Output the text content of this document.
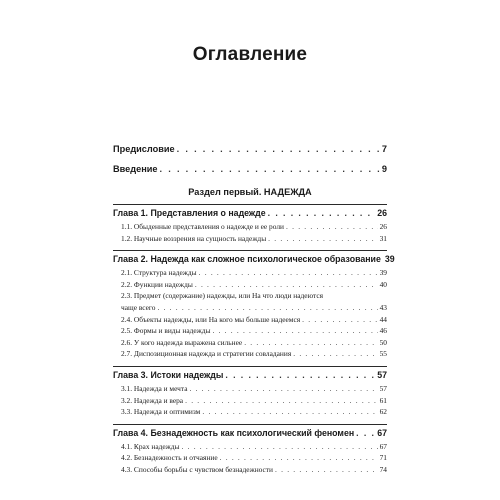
Оглавление
Предисловие . . .	7
Введение . . .	9
Раздел первый. НАДЕЖДА
Глава 1. Представления о надежде . . .	26
1.1. Обыденные представления о надежде и ее роли . . .	26
1.2. Научные воззрения на сущность надежды . . .	31
Глава 2. Надежда как сложное психологическое образование 39
2.1. Структура надежды . . .	39
2.2. Функции надежды . . .	40
2.3. Предмет (содержание) надежды, или На что люди надеются
чаще всего . . .	43
2.4. Объекты надежды, или На кого мы больше надеемся . . .	44
2.5. Формы и виды надежды . . .	46
2.6. У кого надежда выражена сильнее . . .	50
2.7. Диспозиционная надежда и стратегии совладания . . .	55
Глава 3. Истоки надежды . . .	57
3.1. Надежда и мечта . . .	57
3.2. Надежда и вера . . .	61
3.3. Надежда и оптимизм . . .	62
Глава 4. Безнадежность как психологический феномен . . .	67
4.1. Крах надежды . . .	67
4.2. Безнадежность и отчаяние . . .	71
4.3. Способы борьбы с чувством безнадежности . . .	74
